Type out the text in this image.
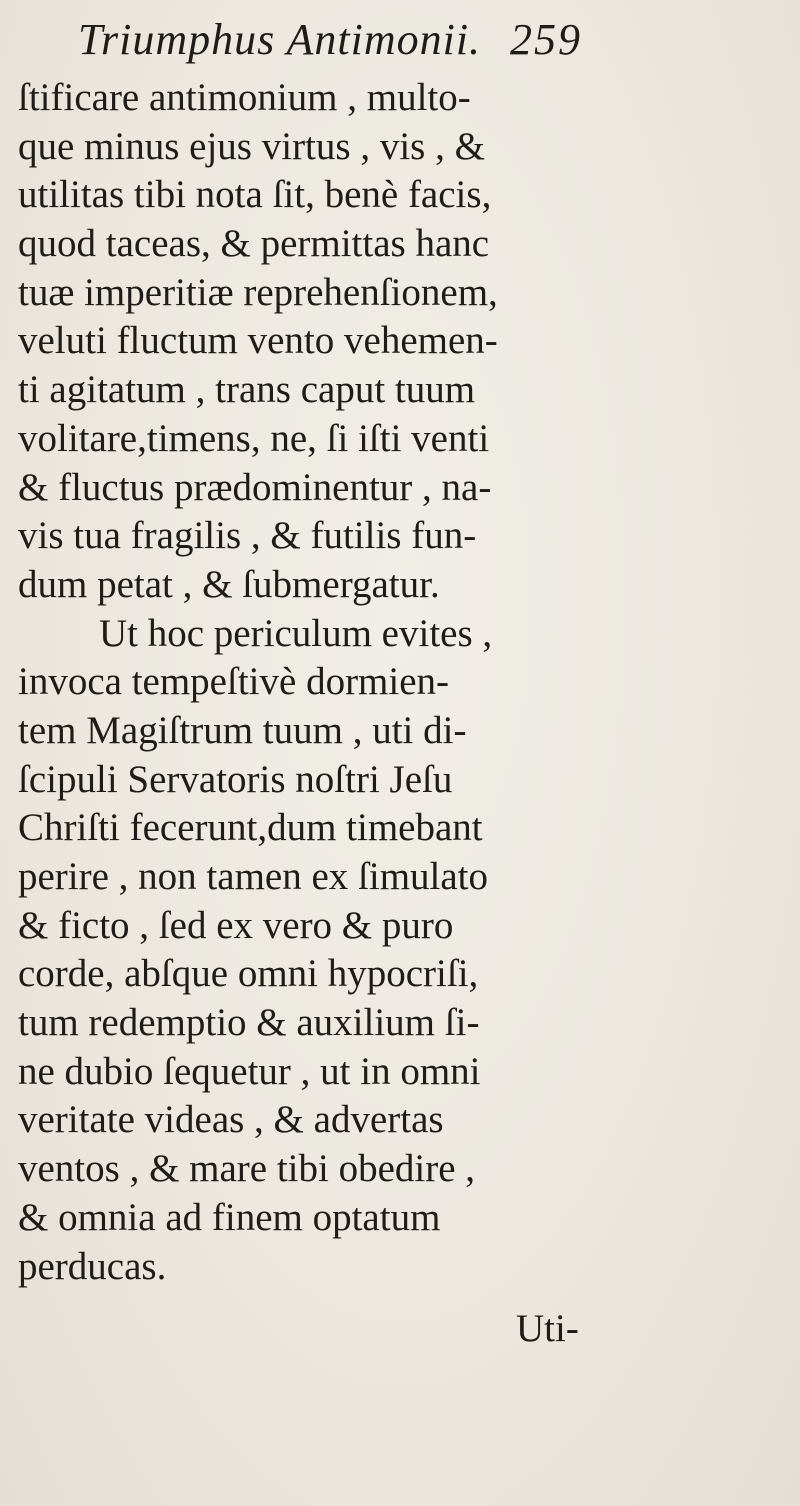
Triumphus Antimonii. 259
ſtificare antimonium , multo-
que minus ejus virtus , vis , &
utilitas tibi nota ſit, benè facis,
quod taceas, & permittas hanc
tuæ imperitiæ reprehenſionem,
veluti fluctum vento vehemen-
ti agitatum , trans caput tuum
volitare,timens, ne, ſi iſti venti
& fluctus prædominentur , na-
vis tua fragilis , & futilis fun-
dum petat , & ſubmergatur.
Ut hoc periculum evites ,
invoca tempeſtivè dormien-
tem Magiſtrum tuum , uti di-
ſcipuli Servatoris noſtri Jeſu
Chriſti fecerunt,dum timebant
perire , non tamen ex ſimulato
& ficto , ſed ex vero & puro
corde, abſque omni hypocriſi,
tum redemptio & auxilium ſi-
ne dubio ſequetur , ut in omni
veritate videas , & advertas
ventos , & mare tibi obedire ,
& omnia ad finem optatum
perducas.
Uti-
